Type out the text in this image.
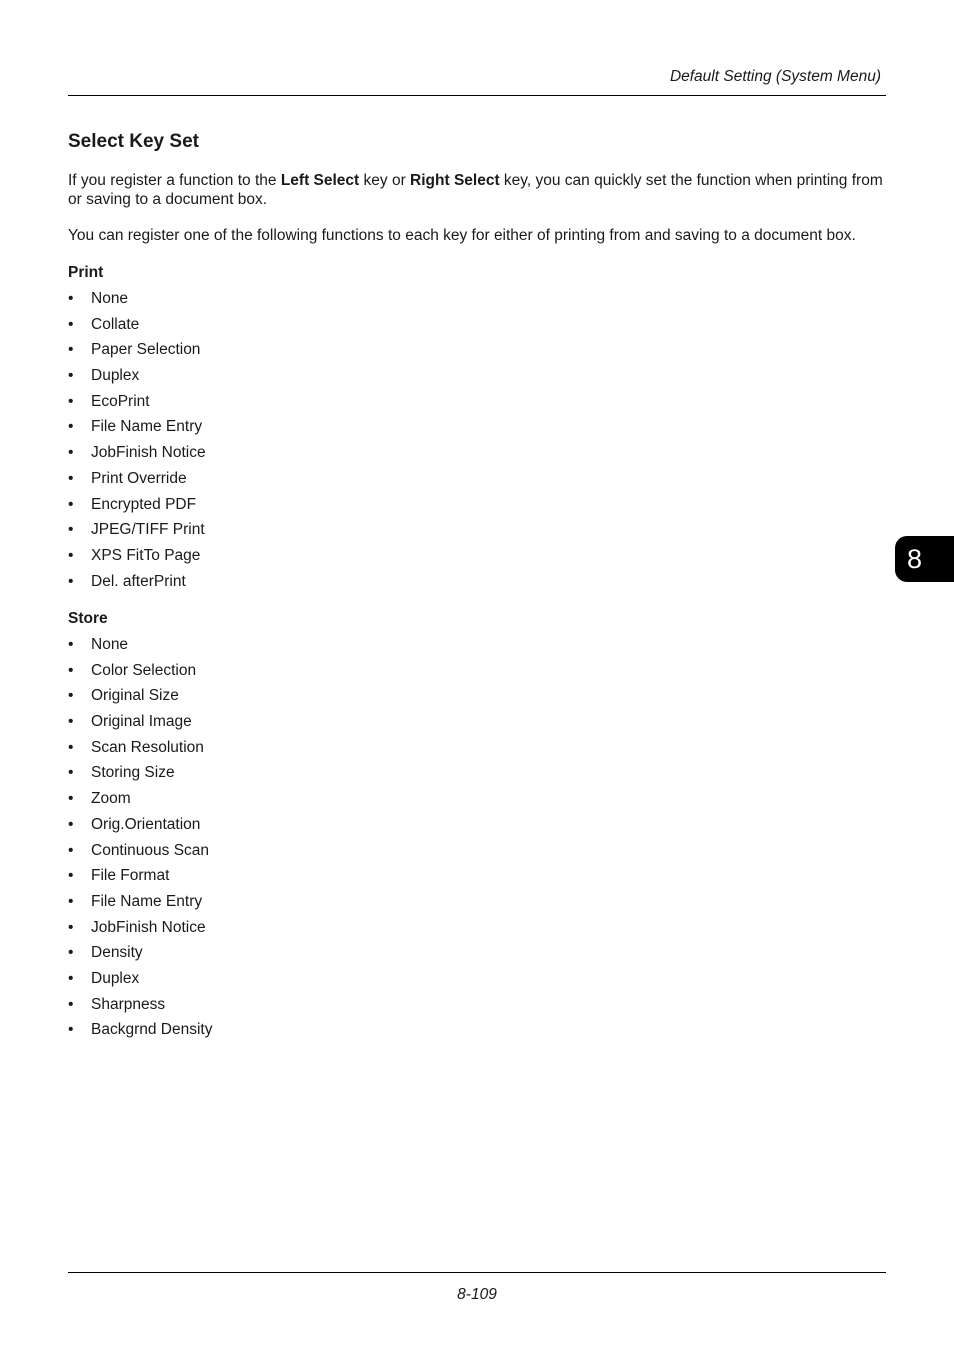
Default Setting (System Menu)
Select Key Set

If you register a function to the Left Select key or Right Select key, you can quickly set the function when printing from or saving to a document box.

You can register one of the following functions to each key for either of printing from and saving to a document box.

Print
• None
• Collate
• Paper Selection
• Duplex
• EcoPrint
• File Name Entry
• JobFinish Notice
• Print Override
• Encrypted PDF
• JPEG/TIFF Print
• XPS FitTo Page
• Del. afterPrint
Store
• None
• Color Selection
• Original Size
• Original Image
• Scan Resolution
• Storing Size
• Zoom
• Orig.Orientation
• Continuous Scan
• File Format
• File Name Entry
• JobFinish Notice
• Density
• Duplex
• Sharpness
• Backgrnd Density
8
8-109
